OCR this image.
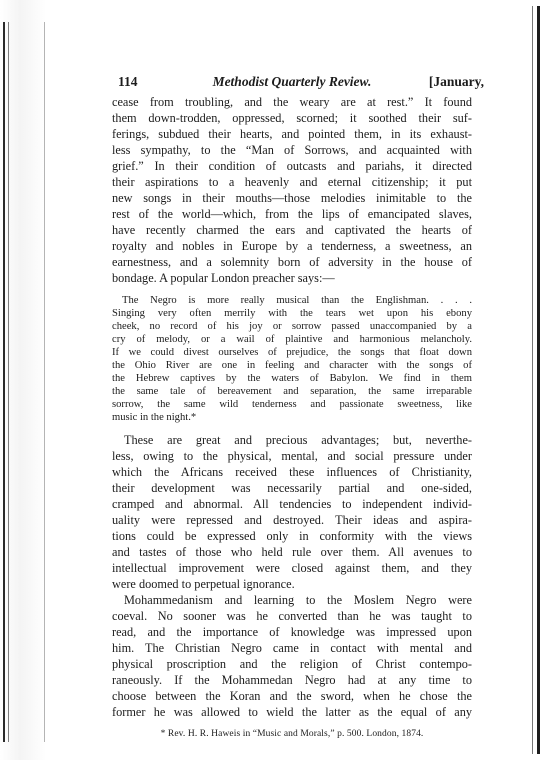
114	Methodist Quarterly Review.	[January,
cease from troubling, and the weary are at rest.” It found
them down-trodden, oppressed, scorned; it soothed their suf-
ferings, subdued their hearts, and pointed them, in its exhaust-
less sympathy, to the “Man of Sorrows, and acquainted with
grief.” In their condition of outcasts and pariahs, it directed
their aspirations to a heavenly and eternal citizenship; it put
new songs in their mouths—those melodies inimitable to the
rest of the world—which, from the lips of emancipated slaves,
have recently charmed the ears and captivated the hearts of
royalty and nobles in Europe by a tenderness, a sweetness, an
earnestness, and a solemnity born of adversity in the house of
bondage. A popular London preacher says:—
The Negro is more really musical than the Englishman. . . .
Singing very often merrily with the tears wet upon his ebony
cheek, no record of his joy or sorrow passed unaccompanied by a
cry of melody, or a wail of plaintive and harmonious melancholy.
If we could divest ourselves of prejudice, the songs that float down
the Ohio River are one in feeling and character with the songs of
the Hebrew captives by the waters of Babylon. We find in them
the same tale of bereavement and separation, the same irreparable
sorrow, the same wild tenderness and passionate sweetness, like
music in the night.*
These are great and precious advantages; but, neverthe-
less, owing to the physical, mental, and social pressure under
which the Africans received these influences of Christianity,
their development was necessarily partial and one-sided,
cramped and abnormal. All tendencies to independent individ-
uality were repressed and destroyed. Their ideas and aspira-
tions could be expressed only in conformity with the views
and tastes of those who held rule over them. All avenues to
intellectual improvement were closed against them, and they
were doomed to perpetual ignorance.
Mohammedanism and learning to the Moslem Negro were
coeval. No sooner was he converted than he was taught to
read, and the importance of knowledge was impressed upon
him. The Christian Negro came in contact with mental and
physical proscription and the religion of Christ contempo-
raneously. If the Mohammedan Negro had at any time to
choose between the Koran and the sword, when he chose the
former he was allowed to wield the latter as the equal of any
* Rev. H. R. Haweis in “Music and Morals,” p. 500. London, 1874.
